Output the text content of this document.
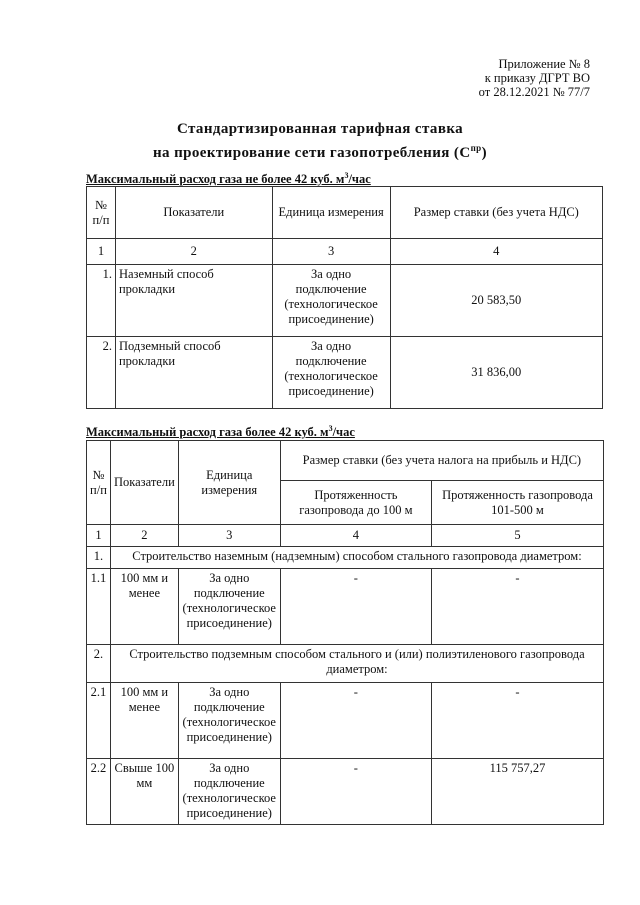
Приложение № 8
к приказу ДГРТ ВО
от 28.12.2021 № 77/7
Стандартизированная тарифная ставка
на проектирование сети газопотребления $(С^{пр})$
Максимальный расход газа не более 42 куб. $м^3$/час
№ п/п	Показатели	Единица измерения	Размер ставки (без учета НДС)
1	2	3	4
1.	Наземный способ прокладки	За одно подключение (технологическое присоединение)	20 583,50
2.	Подземный способ прокладки	За одно подключение (технологическое присоединение)	31 836,00
Максимальный расход газа более 42 куб. $м^3$/час
№ п/п	Показатели	Единица измерения	Размер ставки (без учета налога на прибыль и НДС)	
			Протяженность газопровода до 100 м	Протяженность газопровода 101-500 м
1	2	3	4	5
1.	Строительство наземным (надземным) способом стального газопровода диаметром:			
1.1	100 мм и менее	За одно подключение (технологическое присоединение)	-	-
2.	Строительство подземным способом стального и (или) полиэтиленового газопровода диаметром:			
2.1	100 мм и менее	За одно подключение (технологическое присоединение)	-	-
2.2	Свыше 100 мм	За одно подключение (технологическое присоединение)	-	115 757,27
